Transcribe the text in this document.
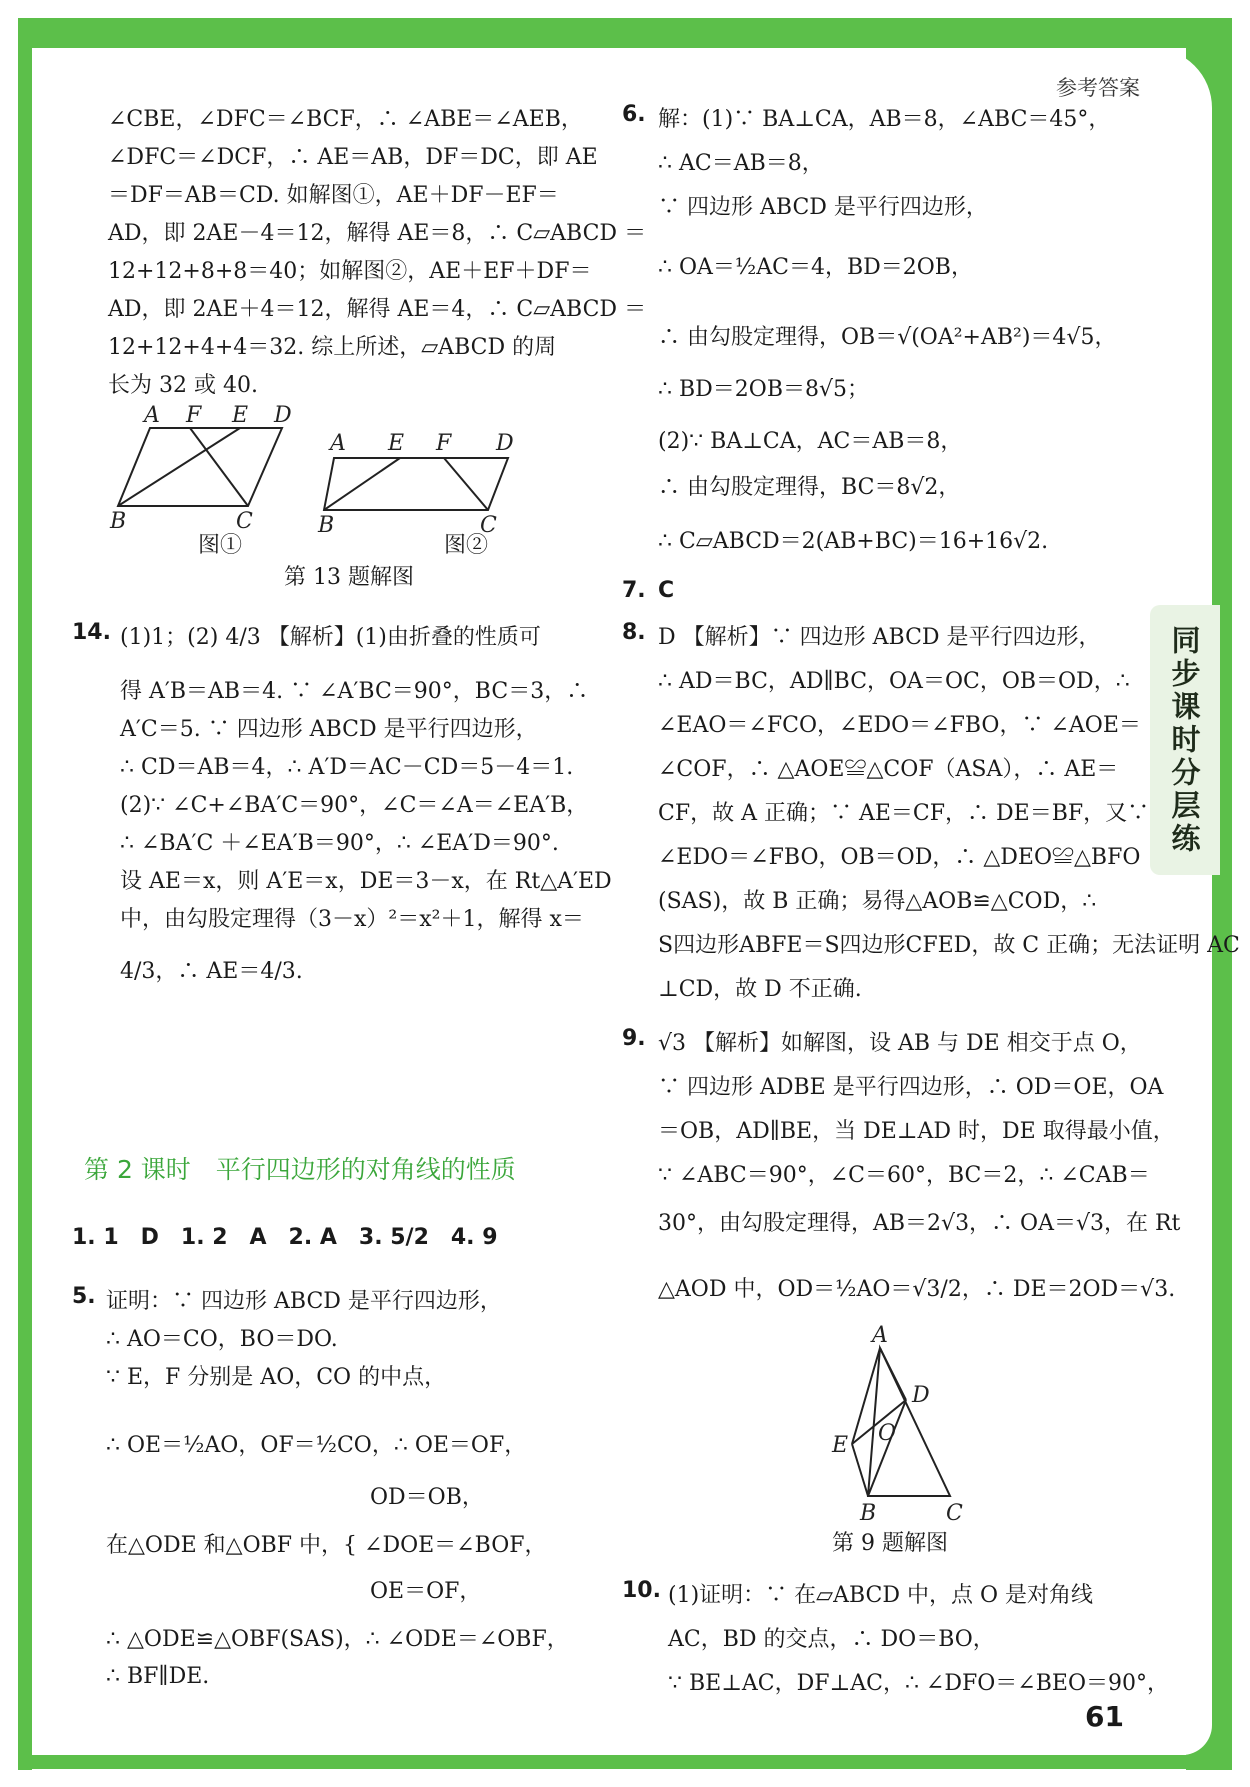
参考答案
同步课时分层练
∠CBE，∠DFC＝∠BCF，∴ ∠ABE＝∠AEB，
∠DFC＝∠DCF，∴ AE＝AB，DF＝DC，即 AE
＝DF＝AB＝CD. 如解图①，AE＋DF－EF＝
AD，即 2AE－4＝12，解得 AE＝8，∴ C▱ABCD ＝
12+12+8+8＝40；如解图②，AE＋EF＋DF＝
AD，即 2AE＋4＝12，解得 AE＝4，∴ C▱ABCD ＝
12+12+4+4＝32. 综上所述，▱ABCD 的周
长为 32 或 40.
A F E D
B	C
图①
A E F D
B	C
图②
第 13 题解图
14. (1)1；(2) 4/3 【解析】(1)由折叠的性质可
得 A′B＝AB＝4. ∵ ∠A′BC＝90°，BC＝3，∴
A′C＝5. ∵ 四边形 ABCD 是平行四边形，
∴ CD＝AB＝4，∴ A′D＝AC－CD＝5－4＝1.
(2)∵ ∠C+∠BA′C＝90°，∠C＝∠A＝∠EA′B，
∴ ∠BA′C ＋∠EA′B＝90°，∴ ∠EA′D＝90°.
设 AE＝x，则 A′E＝x，DE＝3－x，在 Rt△A′ED
中，由勾股定理得（3－x）²＝x²＋1，解得 x＝
4/3，∴ AE＝4/3.
第 2 课时　平行四边形的对角线的性质
1. 1　D　1. 2　A　2. A　3. 5/2　4. 9
5. 证明：∵ 四边形 ABCD 是平行四边形，
∴ AO＝CO，BO＝DO.
∵ E，F 分别是 AO，CO 的中点，
∴ OE＝½AO，OF＝½CO，∴ OE＝OF，
OD＝OB，
在△ODE 和△OBF 中，{ ∠DOE＝∠BOF，
OE＝OF，
∴ △ODE≌△OBF(SAS)，∴ ∠ODE＝∠OBF，
∴ BF∥DE.
6. 解：(1)∵ BA⊥CA，AB＝8，∠ABC＝45°，
∴ AC＝AB＝8，
∵ 四边形 ABCD 是平行四边形，
∴ OA＝½AC＝4，BD＝2OB，
∴ 由勾股定理得，OB＝√(OA²+AB²)＝4√5，
∴ BD＝2OB＝8√5；
(2)∵ BA⊥CA，AC＝AB＝8，
∴ 由勾股定理得，BC＝8√2，
∴ C▱ABCD＝2(AB+BC)＝16+16√2.
7. C
8. D 【解析】∵ 四边形 ABCD 是平行四边形，
∴ AD＝BC，AD∥BC，OA＝OC，OB＝OD，∴
∠EAO＝∠FCO，∠EDO＝∠FBO，∵ ∠AOE＝
∠COF，∴ △AOE≌△COF（ASA），∴ AE＝
CF，故 A 正确；∵ AE＝CF，∴ DE＝BF，又∵
∠EDO＝∠FBO，OB＝OD，∴ △DEO≌△BFO
(SAS)，故 B 正确；易得△AOB≌△COD，∴
S四边形ABFE＝S四边形CFED，故 C 正确；无法证明 AC
⊥CD，故 D 不正确.
9. √3 【解析】如解图，设 AB 与 DE 相交于点 O，
∵ 四边形 ADBE 是平行四边形，∴ OD＝OE，OA
＝OB，AD∥BE，当 DE⊥AD 时，DE 取得最小值，
∵ ∠ABC＝90°，∠C＝60°，BC＝2，∴ ∠CAB＝
30°，由勾股定理得，AB＝2√3，∴ OA＝√3，在 Rt
△AOD 中，OD＝½AO＝√3/2，∴ DE＝2OD＝√3.
A
D
E O
B	C
第 9 题解图
10. (1)证明：∵ 在▱ABCD 中，点 O 是对角线
AC，BD 的交点，∴ DO＝BO，
∵ BE⊥AC，DF⊥AC，∴ ∠DFO＝∠BEO＝90°，
61
